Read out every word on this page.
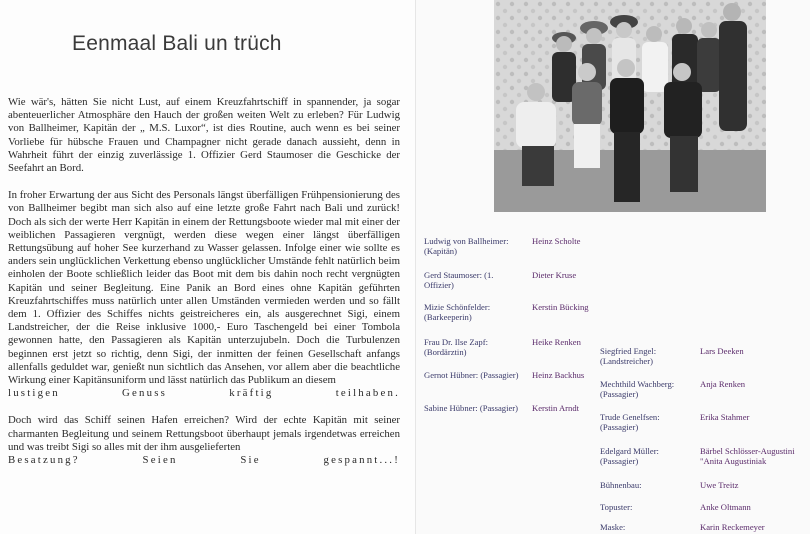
Eenmaal Bali un trüch

Wie wär's, hätten Sie nicht Lust, auf einem Kreuzfahrtschiff in spannender, ja sogar abenteuerlicher Atmosphäre den Hauch der großen weiten Welt zu erleben? Für Ludwig von Ballheimer, Kapitän der „ M.S. Luxor“, ist dies Routine, auch wenn es bei seiner Vorliebe für hübsche Frauen und Champagner nicht gerade danach aussieht, denn in Wahrheit führt der einzig zuverlässige 1. Offizier Gerd Staumoser die Geschicke der Seefahrt an Bord.

In froher Erwartung der aus Sicht des Personals längst überfälligen Frühpensionierung des von Ballheimer begibt man sich also auf eine letzte große Fahrt nach Bali und zurück! Doch als sich der werte Herr Kapitän in einem der Rettungsboote wieder mal mit einer der weiblichen Passagieren vergnügt, werden diese wegen einer längst überfälligen Rettungsübung auf hoher See kurzerhand zu Wasser gelassen. Infolge einer wie sollte es anders sein unglücklichen Verkettung ebenso unglücklicher Umstände fehlt natürlich beim einholen der Boote schließlich leider das Boot mit dem bis dahin noch recht vergnügten Kapitän und seiner Begleitung. Eine Panik an Bord eines ohne Kapitän geführten Kreuzfahrtschiffes muss natürlich unter allen Umständen vermieden werden und so fällt dem 1. Offizier des Schiffes nichts geistreicheres ein, als ausgerechnet Sigi, einem Landstreicher, der die Reise inklusive 1000,- Euro Taschengeld bei einer Tombola gewonnen hatte, den Passagieren als Kapitän unterzujubeln. Doch die Turbulenzen beginnen erst jetzt so richtig, denn Sigi, der inmitten der feinen Gesellschaft anfangs allenfalls geduldet war, genießt nun sichtlich das Ansehen, vor allem aber die beachtliche Wirkung einer Kapitänsuniform und lässt natürlich das Publikum an diesem

lustigen Genuss kräftig teilhaben.

Doch wird das Schiff seinen Hafen erreichen? Wird der echte Kapitän mit seiner charmanten Begleitung und seinem Rettungsboot überhaupt jemals irgendetwas erreichen und was treibt Sigi so alles mit der ihm ausgelieferten

Besatzung? Seien Sie gespannt...!

Ludwig von Ballheimer: (Kapitän)
Heinz Scholte
Gerd Staumoser: (1. Offizier)
Dieter Kruse
Mizie Schönfelder: (Barkeeperin)
Kerstin Bücking
Frau Dr. Ilse Zapf: (Bordärztin)
Heike Renken
Gernot Hübner: (Passagier)	Heinz Backhus
Sabine Hübner: (Passagier)	Kerstin Arndt
Siegfried Engel: (Landstreicher)
Lars Deeken
Mechthild Wachberg: (Passagier)
Anja Renken
Trude Genelfsen: (Passagier)
Erika Stahmer
Edelgard Müller: (Passagier)
Bärbel Schlösser-Augustini "Anita Augustiniak
Bühnenbau:	Uwe Treitz
Topuster:	Anke Oltmann
Maske:	Karin Reckemeyer
